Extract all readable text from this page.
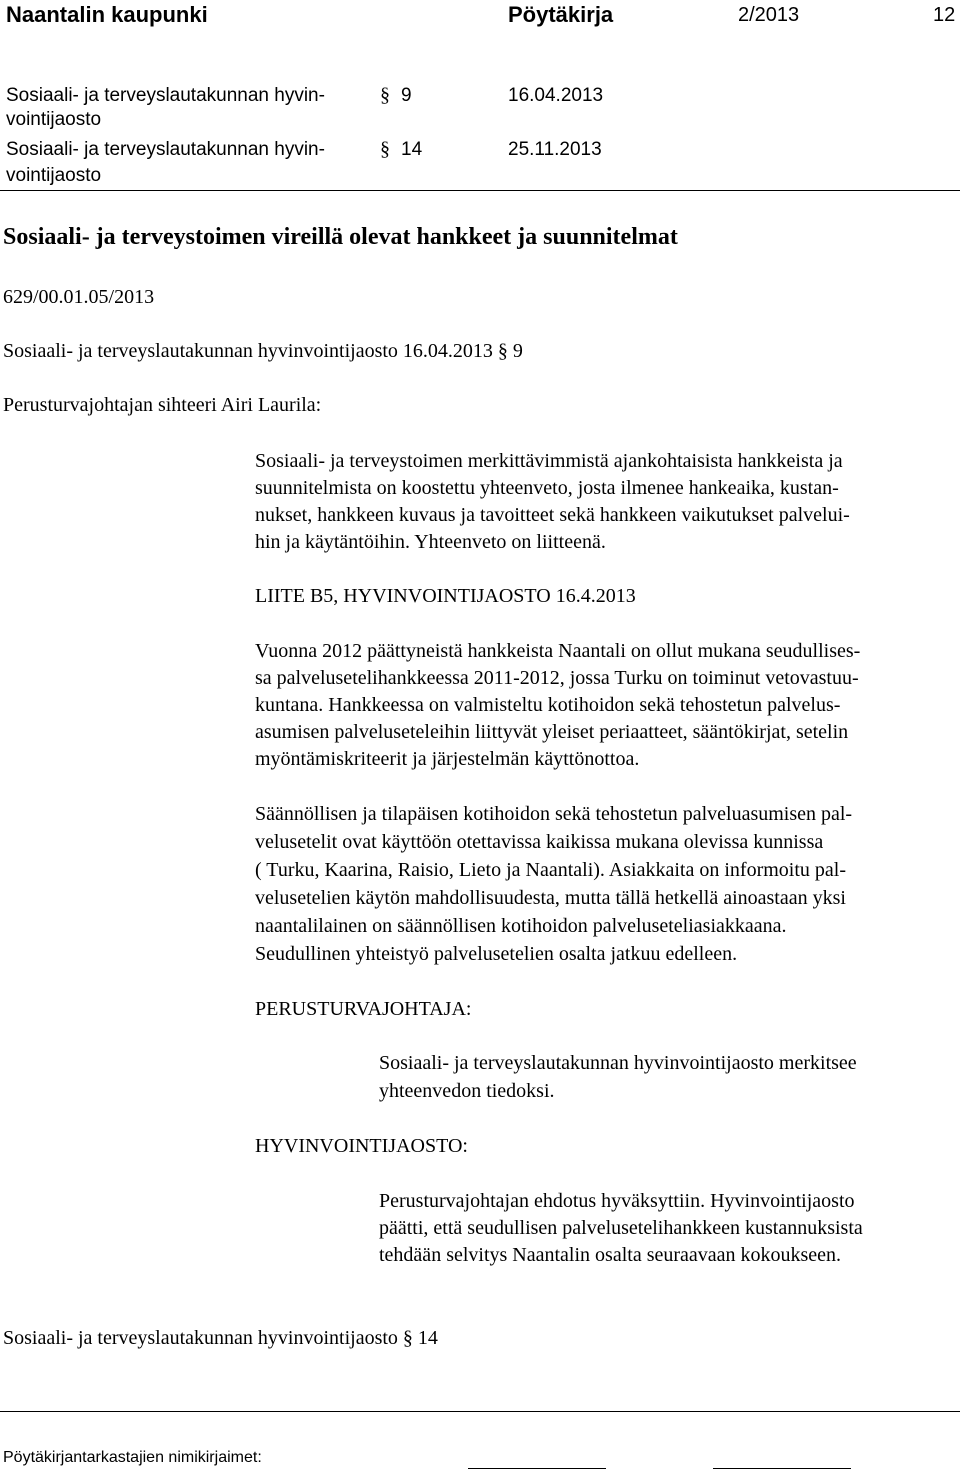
Naantalin kaupunki	Pöytäkirja	2/2013	12
Sosiaali- ja terveyslautakunnan hyvin-
vointijaosto
§ 9	16.04.2013
Sosiaali- ja terveyslautakunnan hyvin-
vointijaosto
§ 14	25.11.2013
Sosiaali- ja terveystoimen vireillä olevat hankkeet ja suunnitelmat
629/00.01.05/2013
Sosiaali- ja terveyslautakunnan hyvinvointijaosto 16.04.2013 § 9
Perusturvajohtajan sihteeri Airi Laurila:
Sosiaali- ja terveystoimen merkittävimmistä ajankohtaisista hankkeista ja
suunnitelmista on koostettu yhteenveto, josta ilmenee hankeaika, kustan-
nukset, hankkeen kuvaus ja tavoitteet sekä hankkeen vaikutukset palvelui-
hin ja käytäntöihin. Yhteenveto on liitteenä.
LIITE B5, HYVINVOINTIJAOSTO 16.4.2013
Vuonna 2012 päättyneistä hankkeista Naantali on ollut mukana seudullises-
sa palvelusetelihankkeessa 2011-2012, jossa Turku on toiminut vetovastuu-
kuntana. Hankkeessa on valmisteltu kotihoidon sekä tehostetun palvelus-
asumisen palveluseteleihin liittyvät yleiset periaatteet, sääntökirjat, setelin
myöntämiskriteerit ja järjestelmän käyttönottoa.
Säännöllisen ja tilapäisen kotihoidon sekä tehostetun palveluasumisen pal-
velusetelit ovat käyttöön otettavissa kaikissa mukana olevissa kunnissa
( Turku, Kaarina, Raisio, Lieto ja Naantali). Asiakkaita on informoitu pal-
velusetelien käytön mahdollisuudesta, mutta tällä hetkellä ainoastaan yksi
naantalilainen on säännöllisen kotihoidon palveluseteliasiakkaana.
Seudullinen yhteistyö palvelusetelien osalta jatkuu edelleen.
PERUSTURVAJOHTAJA:
Sosiaali- ja terveyslautakunnan hyvinvointijaosto merkitsee
yhteenvedon tiedoksi.
HYVINVOINTIJAOSTO:
Perusturvajohtajan ehdotus hyväksyttiin. Hyvinvointijaosto
päätti, että seudullisen palvelusetelihankkeen kustannuksista
tehdään selvitys Naantalin osalta seuraavaan kokoukseen.
Sosiaali- ja terveyslautakunnan hyvinvointijaosto § 14
Pöytäkirjantarkastajien nimikirjaimet:
